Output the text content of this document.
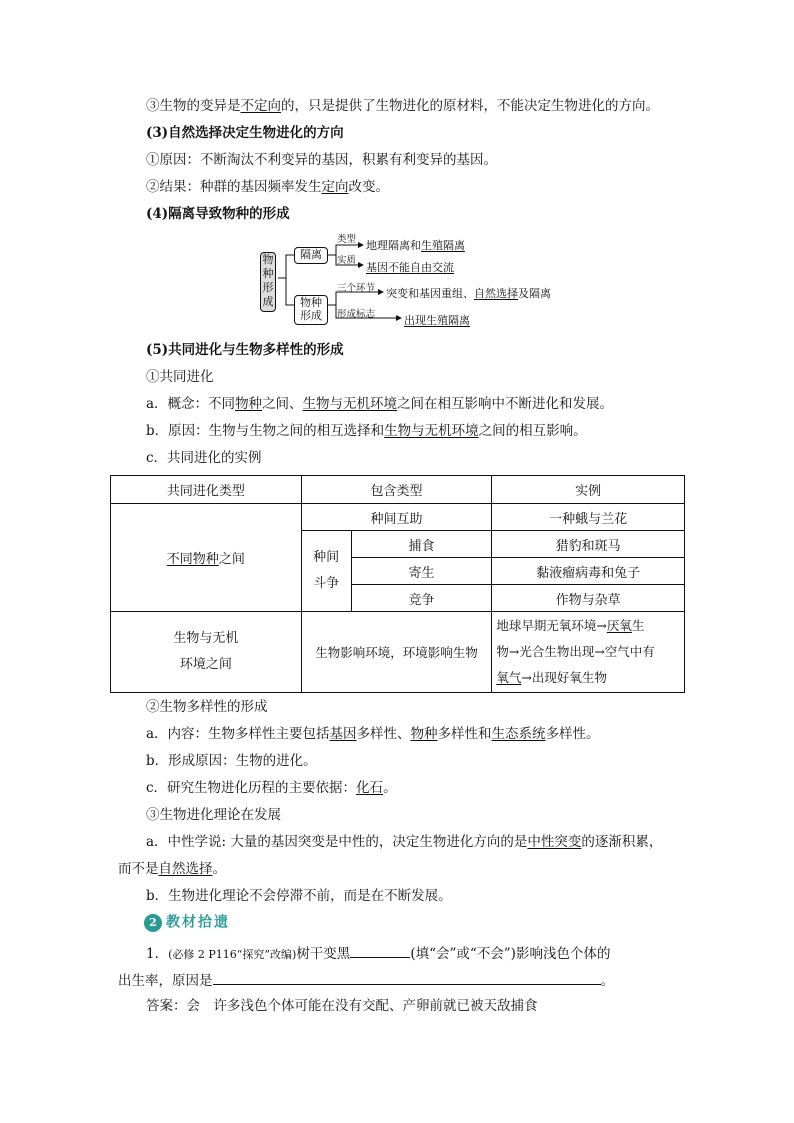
③生物的变异是不定向的，只是提供了生物进化的原材料，不能决定生物进化的方向。
(3)自然选择决定生物进化的方向
①原因：不断淘汰不利变异的基因，积累有利变异的基因。
②结果：种群的基因频率发生定向改变。
(4)隔离导致物种的形成
物种形成
隔离
物种形成
类型
实质
三个环节
形成标志
地理隔离和生殖隔离
基因不能自由交流
突变和基因重组、自然选择及隔离
出现生殖隔离
(5)共同进化与生物多样性的形成
①共同进化
a．概念：不同物种之间、生物与无机环境之间在相互影响中不断进化和发展。
b．原因：生物与生物之间的相互选择和生物与无机环境之间的相互影响。
c．共同进化的实例
共同进化类型	包含类型		实例
不同物种之间	种间互助		一种蛾与兰花
	种间斗争	捕食	猎豹和斑马
		寄生	黏液瘤病毒和兔子
		竞争	作物与杂草
生物与无机
环境之间	生物影响环境，环境影响生物		地球早期无氧环境→厌氧生
物→光合生物出现→空气中有
氧气→出现好氧生物
②生物多样性的形成
a．内容：生物多样性主要包括基因多样性、物种多样性和生态系统多样性。
b．形成原因：生物的进化。
c．研究生物进化历程的主要依据：化石。
③生物进化理论在发展
a．中性学说: 大量的基因突变是中性的，决定生物进化方向的是中性突变的逐渐积累，
而不是自然选择。
b．生物进化理论不会停滞不前，而是在不断发展。
2 教材拾遗
1．(必修 2 P116“探究”改编)树干变黑	(填“会”或“不会”)影响浅色个体的
出生率，原因是	。
答案：会　许多浅色个体可能在没有交配、产卵前就已被天敌捕食
